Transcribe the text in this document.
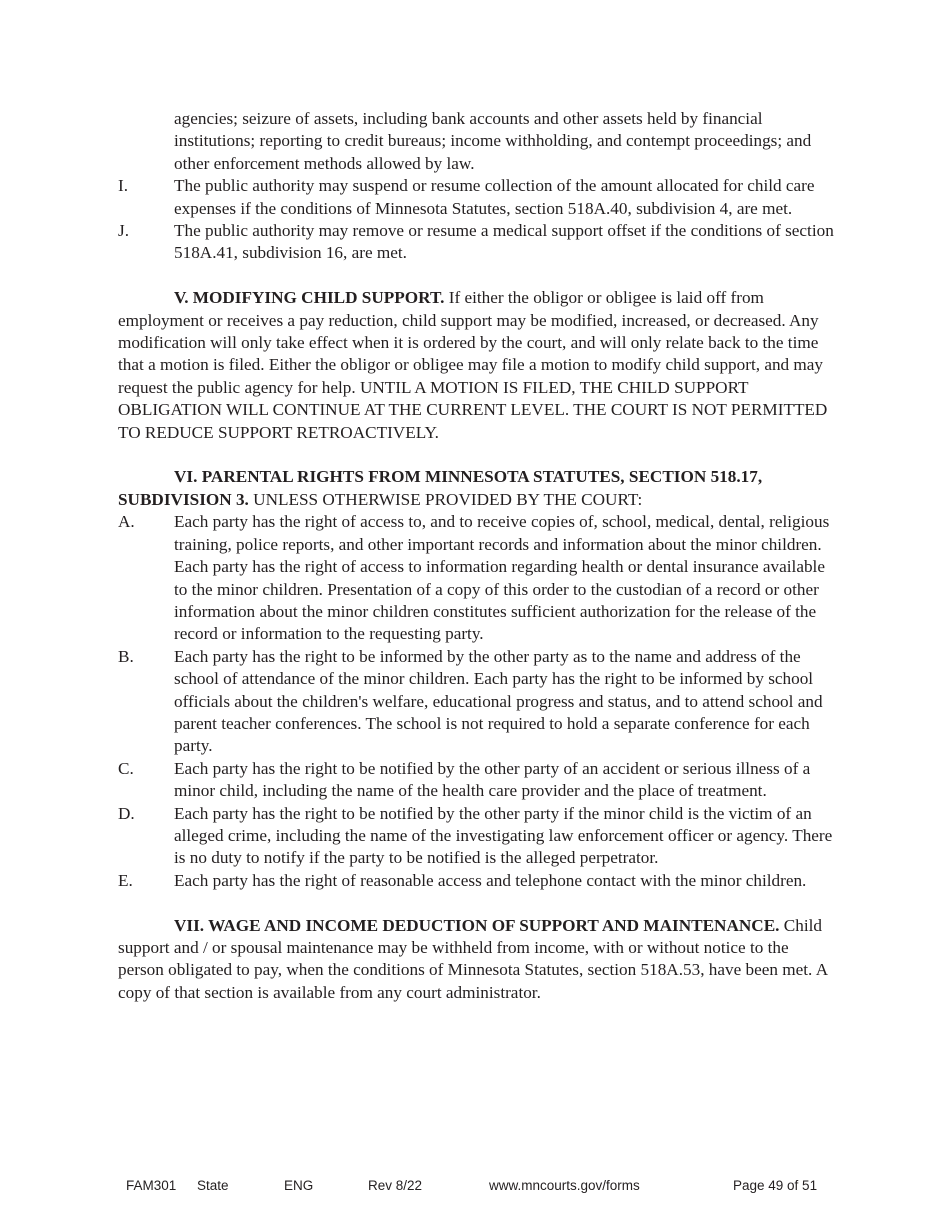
agencies; seizure of assets, including bank accounts and other assets held by financial institutions; reporting to credit bureaus; income withholding, and contempt proceedings; and other enforcement methods allowed by law.
I.	The public authority may suspend or resume collection of the amount allocated for child care expenses if the conditions of Minnesota Statutes, section 518A.40, subdivision 4, are met.
J.	The public authority may remove or resume a medical support offset if the conditions of section 518A.41, subdivision 16, are met.

V. MODIFYING CHILD SUPPORT. If either the obligor or obligee is laid off from employment or receives a pay reduction, child support may be modified, increased, or decreased. Any modification will only take effect when it is ordered by the court, and will only relate back to the time that a motion is filed. Either the obligor or obligee may file a motion to modify child support, and may request the public agency for help. UNTIL A MOTION IS FILED, THE CHILD SUPPORT OBLIGATION WILL CONTINUE AT THE CURRENT LEVEL. THE COURT IS NOT PERMITTED TO REDUCE SUPPORT RETROACTIVELY.

VI. PARENTAL RIGHTS FROM MINNESOTA STATUTES, SECTION 518.17, SUBDIVISION 3. UNLESS OTHERWISE PROVIDED BY THE COURT:

A.	Each party has the right of access to, and to receive copies of, school, medical, dental, religious training, police reports, and other important records and information about the minor children. Each party has the right of access to information regarding health or dental insurance available to the minor children. Presentation of a copy of this order to the custodian of a record or other information about the minor children constitutes sufficient authorization for the release of the record or information to the requesting party.
B.	Each party has the right to be informed by the other party as to the name and address of the school of attendance of the minor children. Each party has the right to be informed by school officials about the children's welfare, educational progress and status, and to attend school and parent teacher conferences. The school is not required to hold a separate conference for each party.
C.	Each party has the right to be notified by the other party of an accident or serious illness of a minor child, including the name of the health care provider and the place of treatment.
D.	Each party has the right to be notified by the other party if the minor child is the victim of an alleged crime, including the name of the investigating law enforcement officer or agency. There is no duty to notify if the party to be notified is the alleged perpetrator.
E.	Each party has the right of reasonable access and telephone contact with the minor children.

VII. WAGE AND INCOME DEDUCTION OF SUPPORT AND MAINTENANCE. Child support and / or spousal maintenance may be withheld from income, with or without notice to the person obligated to pay, when the conditions of Minnesota Statutes, section 518A.53, have been met. A copy of that section is available from any court administrator.

FAM301 State	ENG	Rev 8/22	www.mncourts.gov/forms	Page 49 of 51
